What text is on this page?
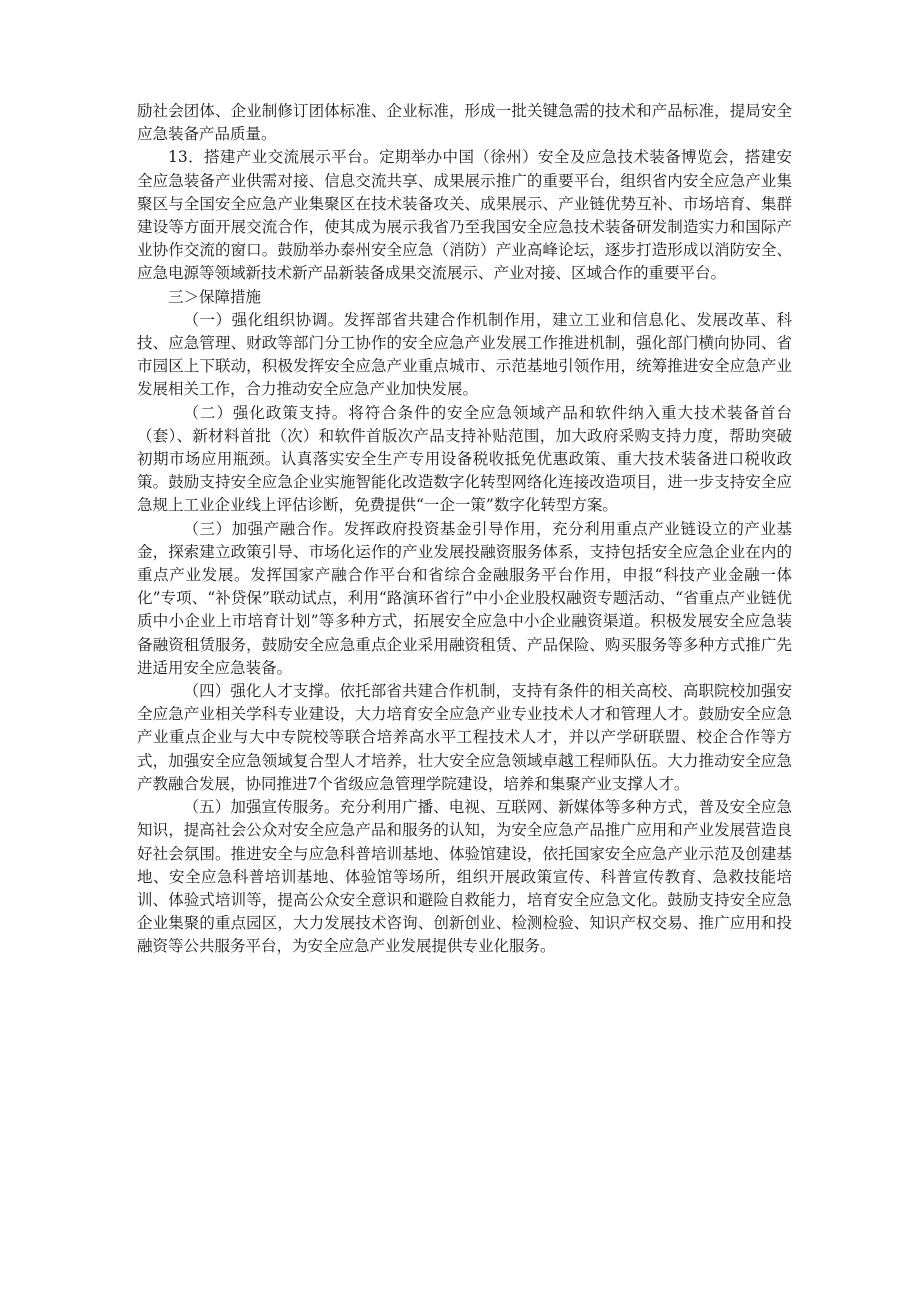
励社会团体、企业制修订团体标准、企业标准，形成一批关键急需的技术和产品标准，提局安全应急装备产品质量。

13．搭建产业交流展示平台。定期举办中国（徐州）安全及应急技术装备博览会，搭建安全应急装备产业供需对接、信息交流共享、成果展示推广的重要平台，组织省内安全应急产业集聚区与全国安全应急产业集聚区在技术装备攻关、成果展示、产业链优势互补、市场培育、集群建设等方面开展交流合作，使其成为展示我省乃至我国安全应急技术装备研发制造实力和国际产业协作交流的窗口。鼓励举办泰州安全应急（消防）产业高峰论坛，逐步打造形成以消防安全、应急电源等领域新技术新产品新装备成果交流展示、产业对接、区域合作的重要平台。

三＞保障措施

（一）强化组织协调。发挥部省共建合作机制作用，建立工业和信息化、发展改革、科技、应急管理、财政等部门分工协作的安全应急产业发展工作推进机制，强化部门横向协同、省市园区上下联动，积极发挥安全应急产业重点城市、示范基地引领作用，统筹推进安全应急产业发展相关工作，合力推动安全应急产业加快发展。

（二）强化政策支持。将符合条件的安全应急领域产品和软件纳入重大技术装备首台（套）、新材料首批（次）和软件首版次产品支持补贴范围，加大政府采购支持力度，帮助突破初期市场应用瓶颈。认真落实安全生产专用设备税收抵免优惠政策、重大技术装备进口税收政策。鼓励支持安全应急企业实施智能化改造数字化转型网络化连接改造项目，进一步支持安全应急规上工业企业线上评估诊断，免费提供“一企一策”数字化转型方案。

（三）加强产融合作。发挥政府投资基金引导作用，充分利用重点产业链设立的产业基金，探索建立政策引导、市场化运作的产业发展投融资服务体系，支持包括安全应急企业在内的重点产业发展。发挥国家产融合作平台和省综合金融服务平台作用，申报“科技产业金融一体化”专项、“补贷保”联动试点，利用“路演环省行”中小企业股权融资专题活动、“省重点产业链优质中小企业上市培育计划”等多种方式，拓展安全应急中小企业融资渠道。积极发展安全应急装备融资租赁服务，鼓励安全应急重点企业采用融资租赁、产品保险、购买服务等多种方式推广先进适用安全应急装备。

（四）强化人才支撑。依托部省共建合作机制，支持有条件的相关高校、高职院校加强安全应急产业相关学科专业建设，大力培育安全应急产业专业技术人才和管理人才。鼓励安全应急产业重点企业与大中专院校等联合培养高水平工程技术人才，并以产学研联盟、校企合作等方式，加强安全应急领域复合型人才培养，壮大安全应急领域卓越工程师队伍。大力推动安全应急产教融合发展，协同推进7个省级应急管理学院建设，培养和集聚产业支撑人才。

（五）加强宣传服务。充分利用广播、电视、互联网、新媒体等多种方式，普及安全应急知识，提高社会公众对安全应急产品和服务的认知，为安全应急产品推广应用和产业发展营造良好社会氛围。推进安全与应急科普培训基地、体验馆建设，依托国家安全应急产业示范及创建基地、安全应急科普培训基地、体验馆等场所，组织开展政策宣传、科普宣传教育、急救技能培训、体验式培训等，提高公众安全意识和避险自救能力，培育安全应急文化。鼓励支持安全应急企业集聚的重点园区，大力发展技术咨询、创新创业、检测检验、知识产权交易、推广应用和投融资等公共服务平台，为安全应急产业发展提供专业化服务。
